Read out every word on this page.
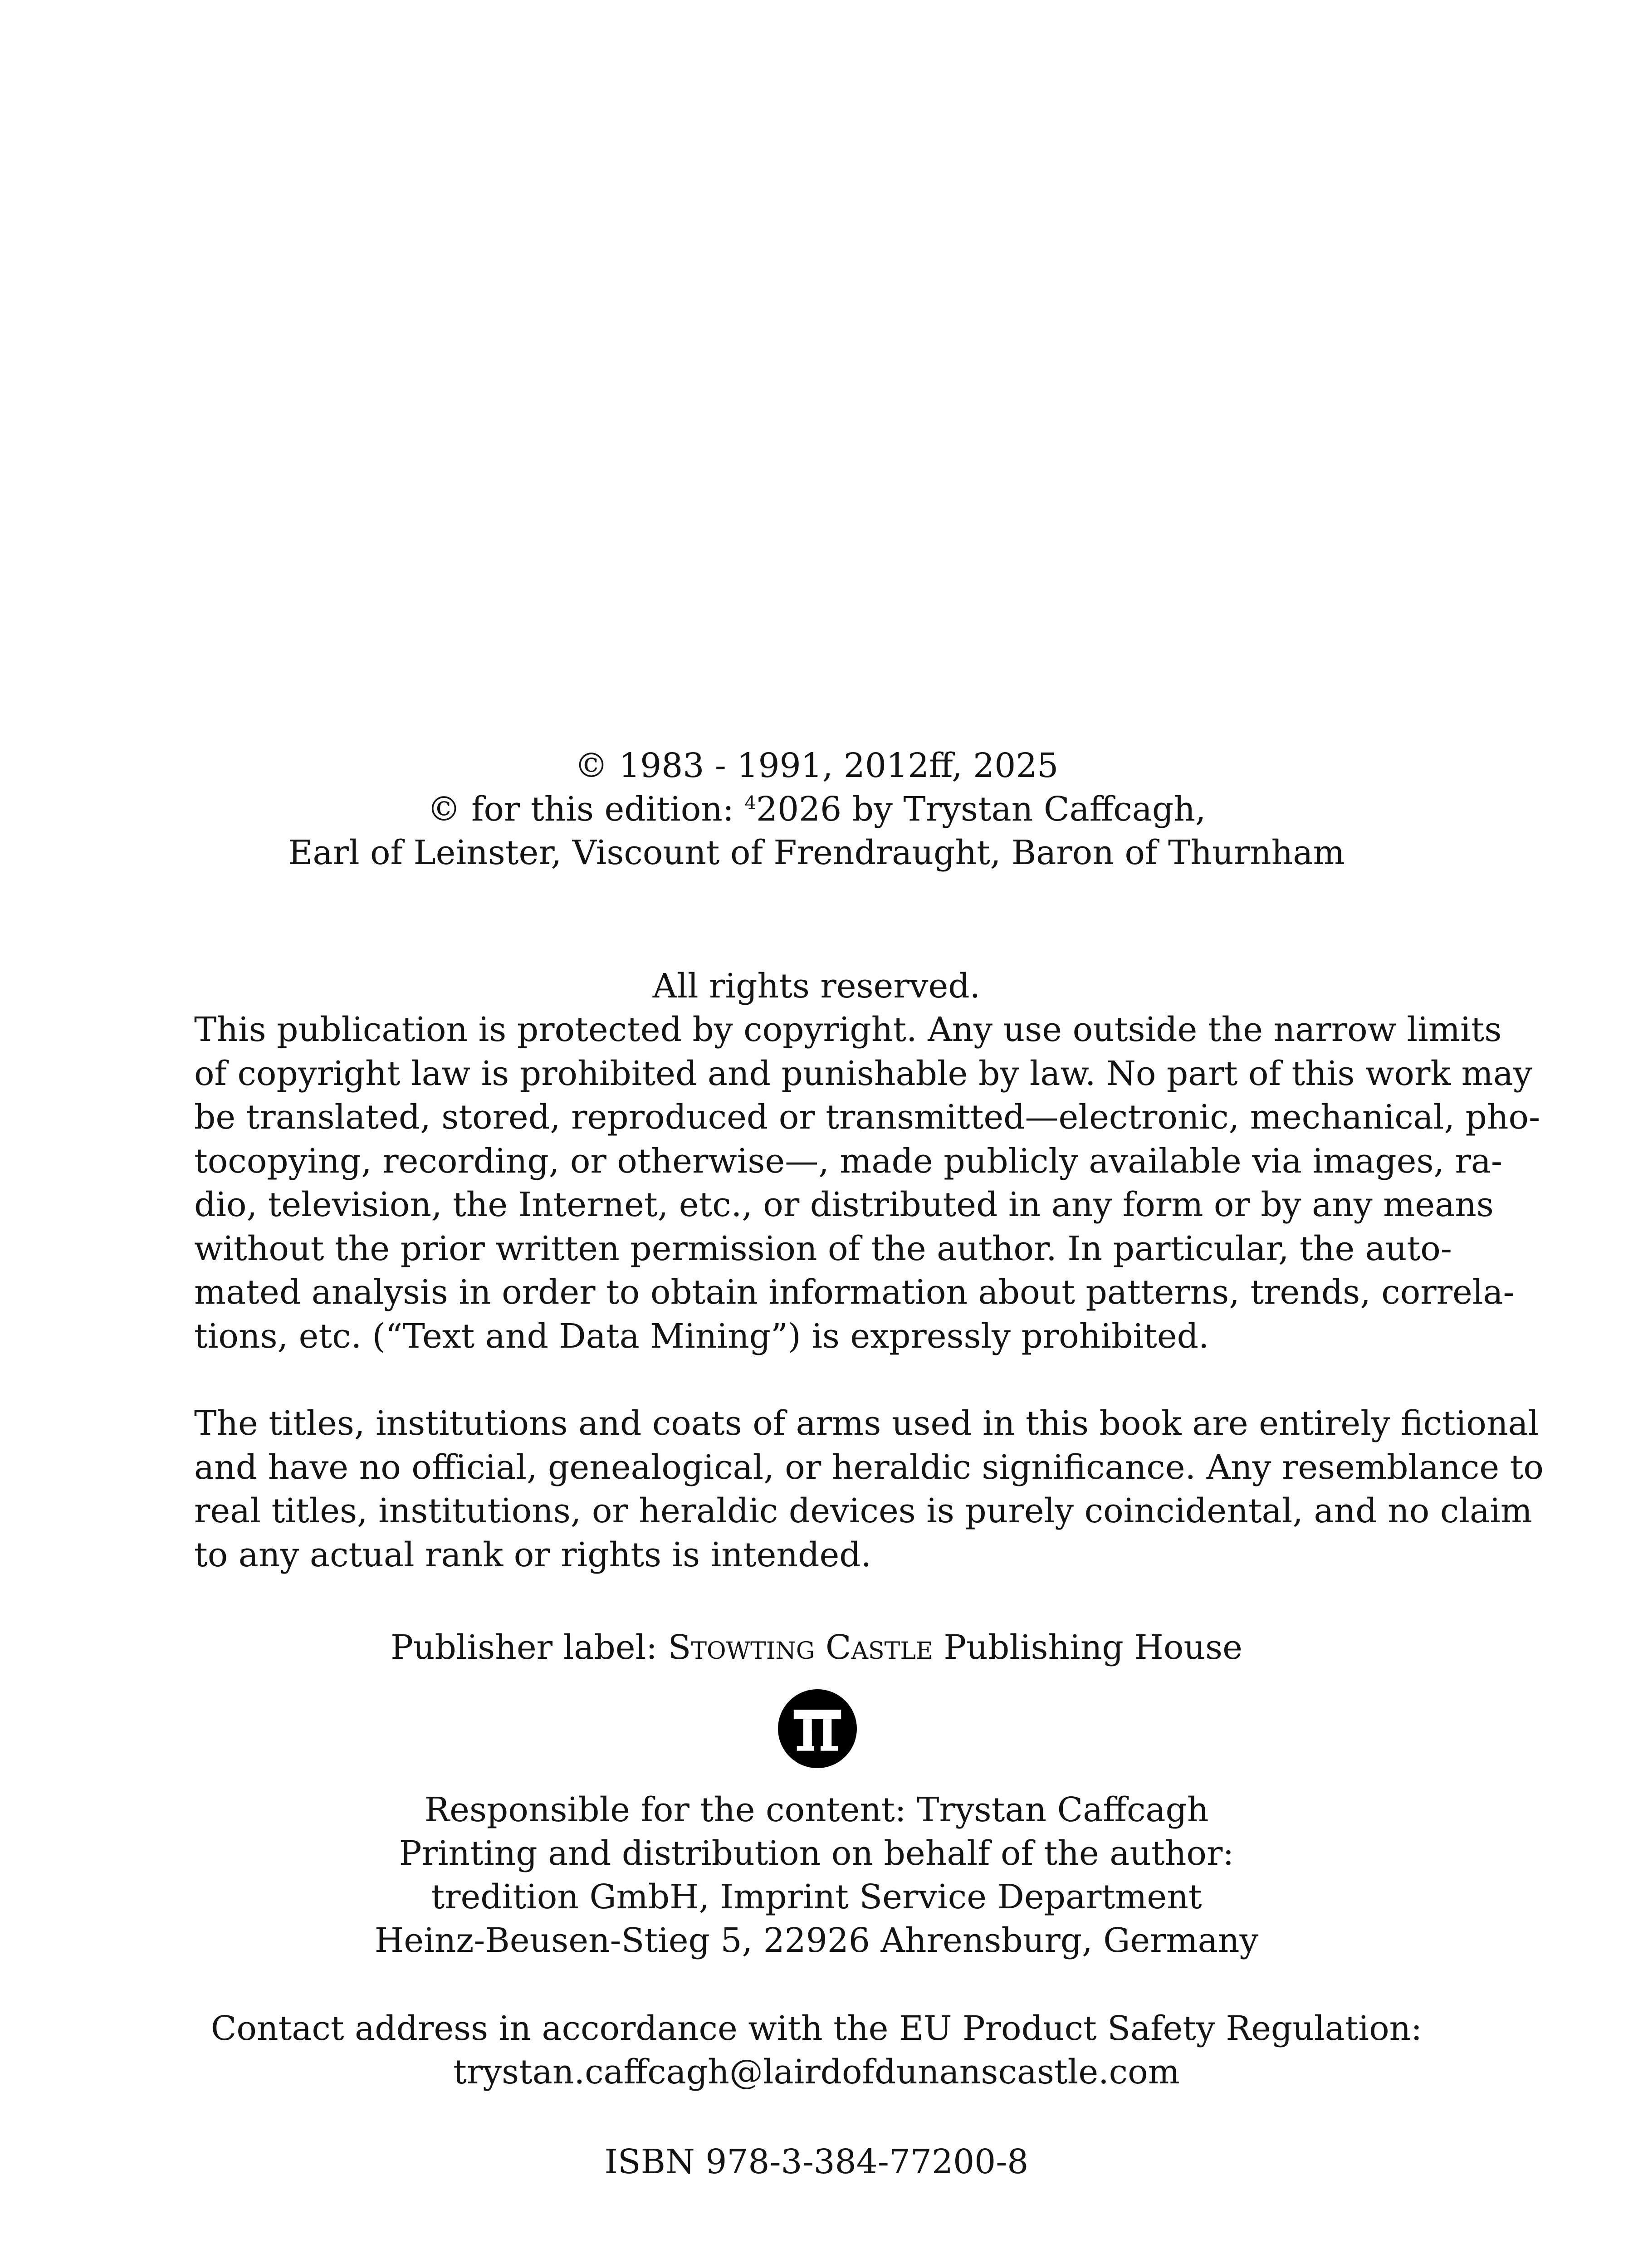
© 1983 - 1991, 2012ff, 2025
© for this edition: $^4$2026 by Trystan Caffcagh,
Earl of Leinster, Viscount of Frendraught, Baron of Thurnham
All rights reserved.
This publication is protected by copyright. Any use outside the narrow limits
of copyright law is prohibited and punishable by law. No part of this work may
be translated, stored, reproduced or transmitted—electronic, mechanical, pho-
tocopying, recording, or otherwise—, made publicly available via images, ra-
dio, television, the Internet, etc., or distributed in any form or by any means
without the prior written permission of the author. In particular, the auto-
mated analysis in order to obtain information about patterns, trends, correla-
tions, etc. (“Text and Data Mining”) is expressly prohibited.
The titles, institutions and coats of arms used in this book are entirely fictional
and have no official, genealogical, or heraldic significance. Any resemblance to
real titles, institutions, or heraldic devices is purely coincidental, and no claim
to any actual rank or rights is intended.
Publisher label: Stowting Castle Publishing House
Responsible for the content: Trystan Caffcagh
Printing and distribution on behalf of the author:
tredition GmbH, Imprint Service Department
Heinz-Beusen-Stieg 5, 22926 Ahrensburg, Germany
Contact address in accordance with the EU Product Safety Regulation:
trystan.caffcagh@lairdofdunanscastle.com
ISBN 978-3-384-77200-8
